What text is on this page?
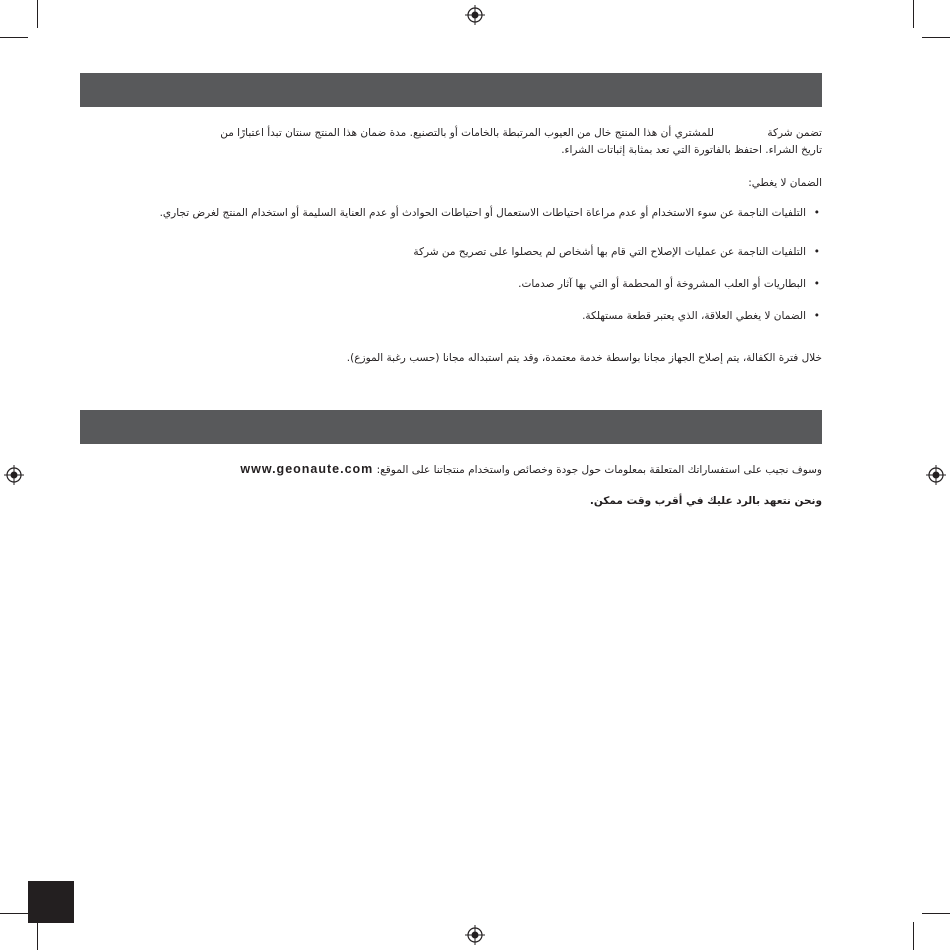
تضمن شركة                للمشتري أن هذا المنتج خال من العيوب المرتبطة بالخامات أو بالتصنيع. مدة ضمان هذا المنتج سنتان تبدأ اعتبارًا من
تاريخ الشراء. احتفظ بالفاتورة التي تعد بمثابة إثباتات الشراء.
الضمان لا يغطي:
• التلفيات الناجمة عن سوء الاستخدام أو عدم مراعاة احتياطات الاستعمال أو احتياطات الحوادث أو عدم العناية السليمة أو استخدام المنتج لغرض تجاري.
• التلفيات الناجمة عن عمليات الإصلاح التي قام بها أشخاص لم يحصلوا على تصريح من شركة
• البطاريات أو العلب المشروخة أو المحطمة أو التي بها آثار صدمات.
• الضمان لا يغطي العلاقة، الذي يعتبر قطعة مستهلكة.
خلال فترة الكفالة، يتم إصلاح الجهاز مجانا بواسطة خدمة معتمدة، وقد يتم استبداله مجانا (حسب رغبة الموزع).
وسوف نجيب على استفساراتك المتعلقة بمعلومات حول جودة وخصائص واستخدام منتجاتنا على الموقع: www.geonaute.com
ونحن نتعهد بالرد عليك في أقرب وقت ممكن.
